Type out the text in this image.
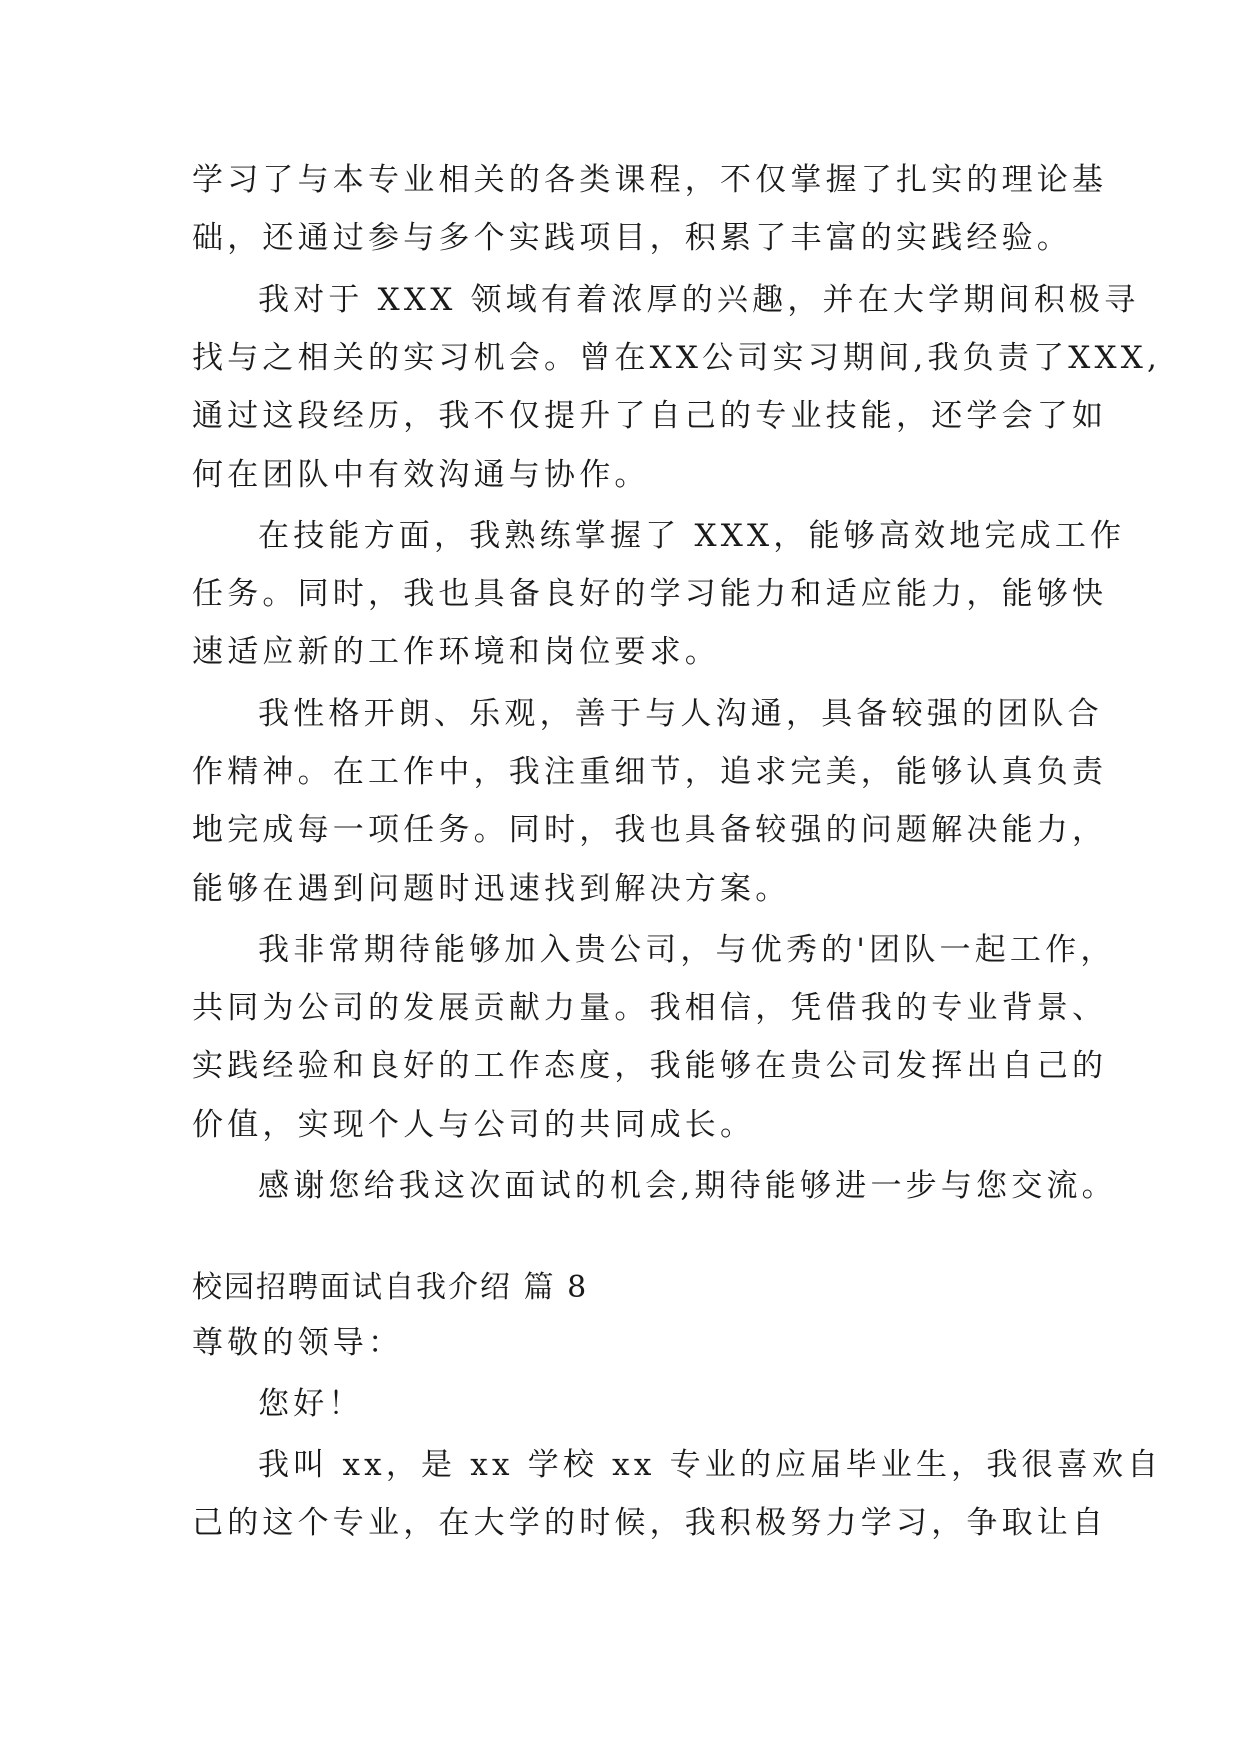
学习了与本专业相关的各类课程，不仅掌握了扎实的理论基
础，还通过参与多个实践项目，积累了丰富的实践经验。
我对于 XXX 领域有着浓厚的兴趣，并在大学期间积极寻
找与之相关的实习机会。曾在XX公司实习期间,我负责了XXX,
通过这段经历，我不仅提升了自己的专业技能，还学会了如
何在团队中有效沟通与协作。
在技能方面，我熟练掌握了 XXX，能够高效地完成工作
任务。同时，我也具备良好的学习能力和适应能力，能够快
速适应新的工作环境和岗位要求。
我性格开朗、乐观，善于与人沟通，具备较强的团队合
作精神。在工作中，我注重细节，追求完美，能够认真负责
地完成每一项任务。同时，我也具备较强的问题解决能力，
能够在遇到问题时迅速找到解决方案。
我非常期待能够加入贵公司，与优秀的'团队一起工作，
共同为公司的发展贡献力量。我相信，凭借我的专业背景、
实践经验和良好的工作态度，我能够在贵公司发挥出自己的
价值，实现个人与公司的共同成长。
感谢您给我这次面试的机会,期待能够进一步与您交流。
校园招聘面试自我介绍 篇 8
尊敬的领导：
您好！
我叫 xx，是 xx 学校 xx 专业的应届毕业生，我很喜欢自
己的这个专业，在大学的时候，我积极努力学习，争取让自
